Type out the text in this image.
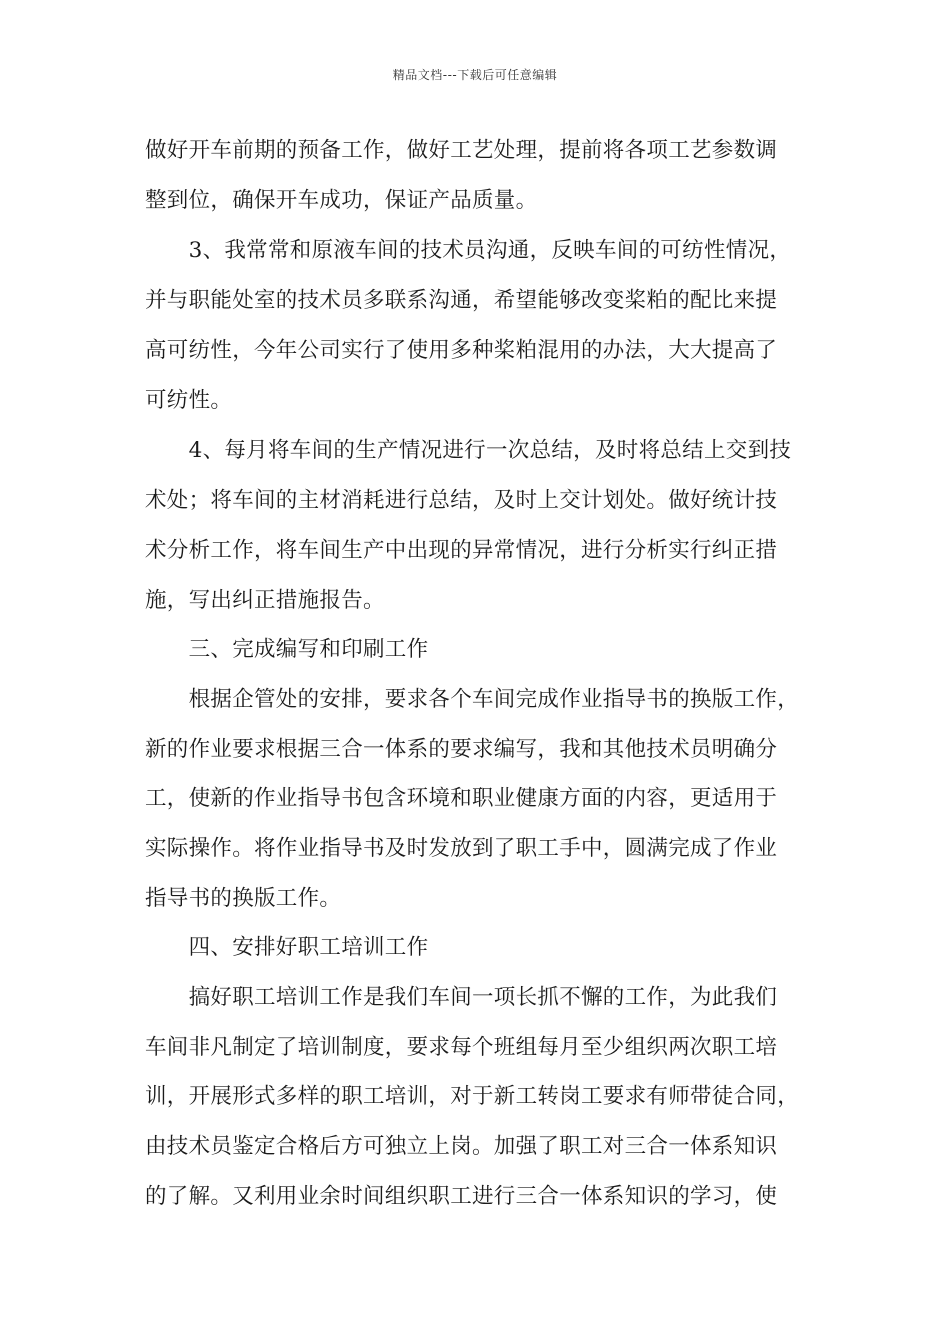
精品文档---下载后可任意编辑
做好开车前期的预备工作，做好工艺处理，提前将各项工艺参数调
整到位，确保开车成功，保证产品质量。
　　3、我常常和原液车间的技术员沟通，反映车间的可纺性情况，
并与职能处室的技术员多联系沟通，希望能够改变桨粕的配比来提
高可纺性，今年公司实行了使用多种桨粕混用的办法，大大提高了
可纺性。
　　4、每月将车间的生产情况进行一次总结，及时将总结上交到技
术处；将车间的主材消耗进行总结，及时上交计划处。做好统计技
术分析工作，将车间生产中出现的异常情况，进行分析实行纠正措
施，写出纠正措施报告。
　　三、完成编写和印刷工作
　　根据企管处的安排，要求各个车间完成作业指导书的换版工作，
新的作业要求根据三合一体系的要求编写，我和其他技术员明确分
工，使新的作业指导书包含环境和职业健康方面的内容，更适用于
实际操作。将作业指导书及时发放到了职工手中，圆满完成了作业
指导书的换版工作。
　　四、安排好职工培训工作
　　搞好职工培训工作是我们车间一项长抓不懈的工作，为此我们
车间非凡制定了培训制度，要求每个班组每月至少组织两次职工培
训，开展形式多样的职工培训，对于新工转岗工要求有师带徒合同，
由技术员鉴定合格后方可独立上岗。加强了职工对三合一体系知识
的了解。又利用业余时间组织职工进行三合一体系知识的学习，使
